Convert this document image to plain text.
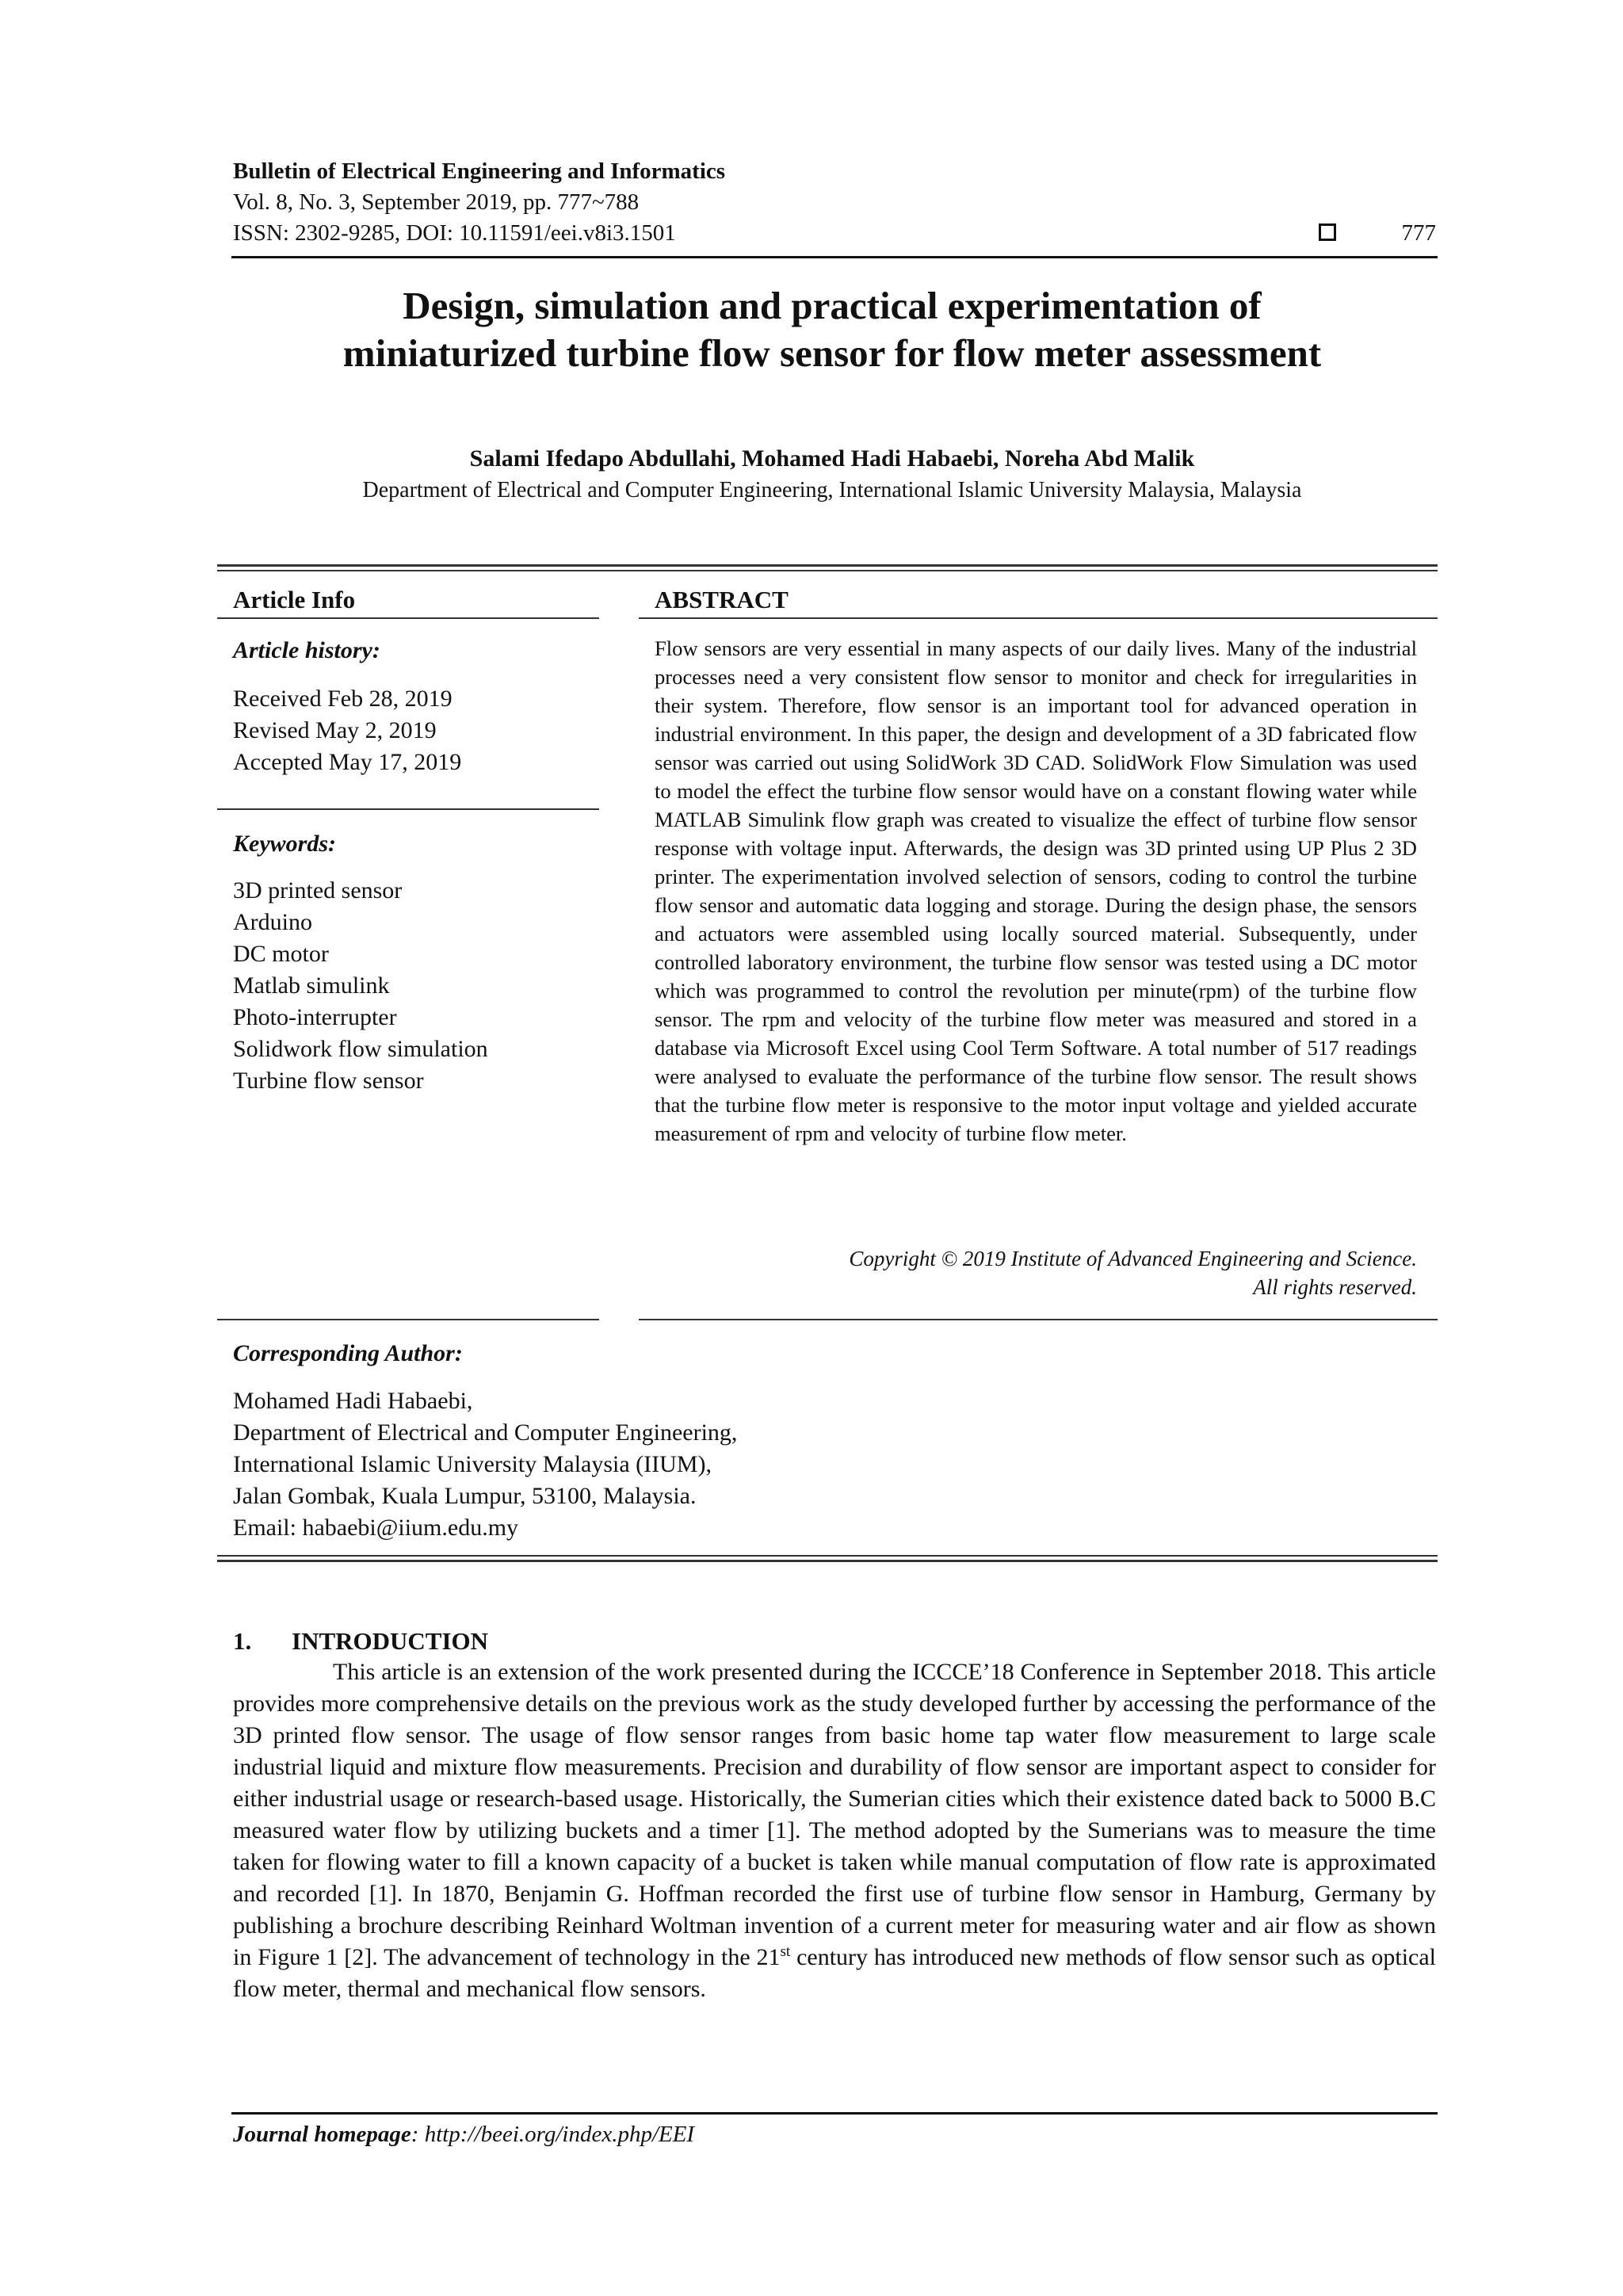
Bulletin of Electrical Engineering and Informatics
Vol. 8, No. 3, September 2019, pp. 777~788
ISSN: 2302-9285, DOI: 10.11591/eei.v8i3.1501	777
Design, simulation and practical experimentation of
miniaturized turbine flow sensor for flow meter assessment
Salami Ifedapo Abdullahi, Mohamed Hadi Habaebi, Noreha Abd Malik
Department of Electrical and Computer Engineering, International Islamic University Malaysia, Malaysia
Article Info
Article history:
Received Feb 28, 2019
Revised May 2, 2019
Accepted May 17, 2019
Keywords:
3D printed sensor
Arduino
DC motor
Matlab simulink
Photo-interrupter
Solidwork flow simulation
Turbine flow sensor
ABSTRACT
Flow sensors are very essential in many aspects of our daily lives. Many of the industrial processes need a very consistent flow sensor to monitor and check for irregularities in their system. Therefore, flow sensor is an important tool for advanced operation in industrial environment. In this paper, the design and development of a 3D fabricated flow sensor was carried out using SolidWork 3D CAD. SolidWork Flow Simulation was used to model the effect the turbine flow sensor would have on a constant flowing water while MATLAB Simulink flow graph was created to visualize the effect of turbine flow sensor response with voltage input. Afterwards, the design was 3D printed using UP Plus 2 3D printer. The experimentation involved selection of sensors, coding to control the turbine flow sensor and automatic data logging and storage. During the design phase, the sensors and actuators were assembled using locally sourced material. Subsequently, under controlled laboratory environment, the turbine flow sensor was tested using a DC motor which was programmed to control the revolution per minute(rpm) of the turbine flow sensor. The rpm and velocity of the turbine flow meter was measured and stored in a database via Microsoft Excel using Cool Term Software. A total number of 517 readings were analysed to evaluate the performance of the turbine flow sensor. The result shows that the turbine flow meter is responsive to the motor input voltage and yielded accurate measurement of rpm and velocity of turbine flow meter.
Copyright © 2019 Institute of Advanced Engineering and Science.
All rights reserved.
Corresponding Author:
Mohamed Hadi Habaebi,
Department of Electrical and Computer Engineering,
International Islamic University Malaysia (IIUM),
Jalan Gombak, Kuala Lumpur, 53100, Malaysia.
Email: habaebi@iium.edu.my
1. INTRODUCTION
This article is an extension of the work presented during the ICCCE’18 Conference in September 2018. This article provides more comprehensive details on the previous work as the study developed further by accessing the performance of the 3D printed flow sensor. The usage of flow sensor ranges from basic home tap water flow measurement to large scale industrial liquid and mixture flow measurements. Precision and durability of flow sensor are important aspect to consider for either industrial usage or research-based usage. Historically, the Sumerian cities which their existence dated back to 5000 B.C measured water flow by utilizing buckets and a timer [1]. The method adopted by the Sumerians was to measure the time taken for flowing water to fill a known capacity of a bucket is taken while manual computation of flow rate is approximated and recorded [1]. In 1870, Benjamin G. Hoffman recorded the first use of turbine flow sensor in Hamburg, Germany by publishing a brochure describing Reinhard Woltman invention of a current meter for measuring water and air flow as shown in Figure 1 [2]. The advancement of technology in the 21st century has introduced new methods of flow sensor such as optical flow meter, thermal and mechanical flow sensors.
Journal homepage: http://beei.org/index.php/EEI
